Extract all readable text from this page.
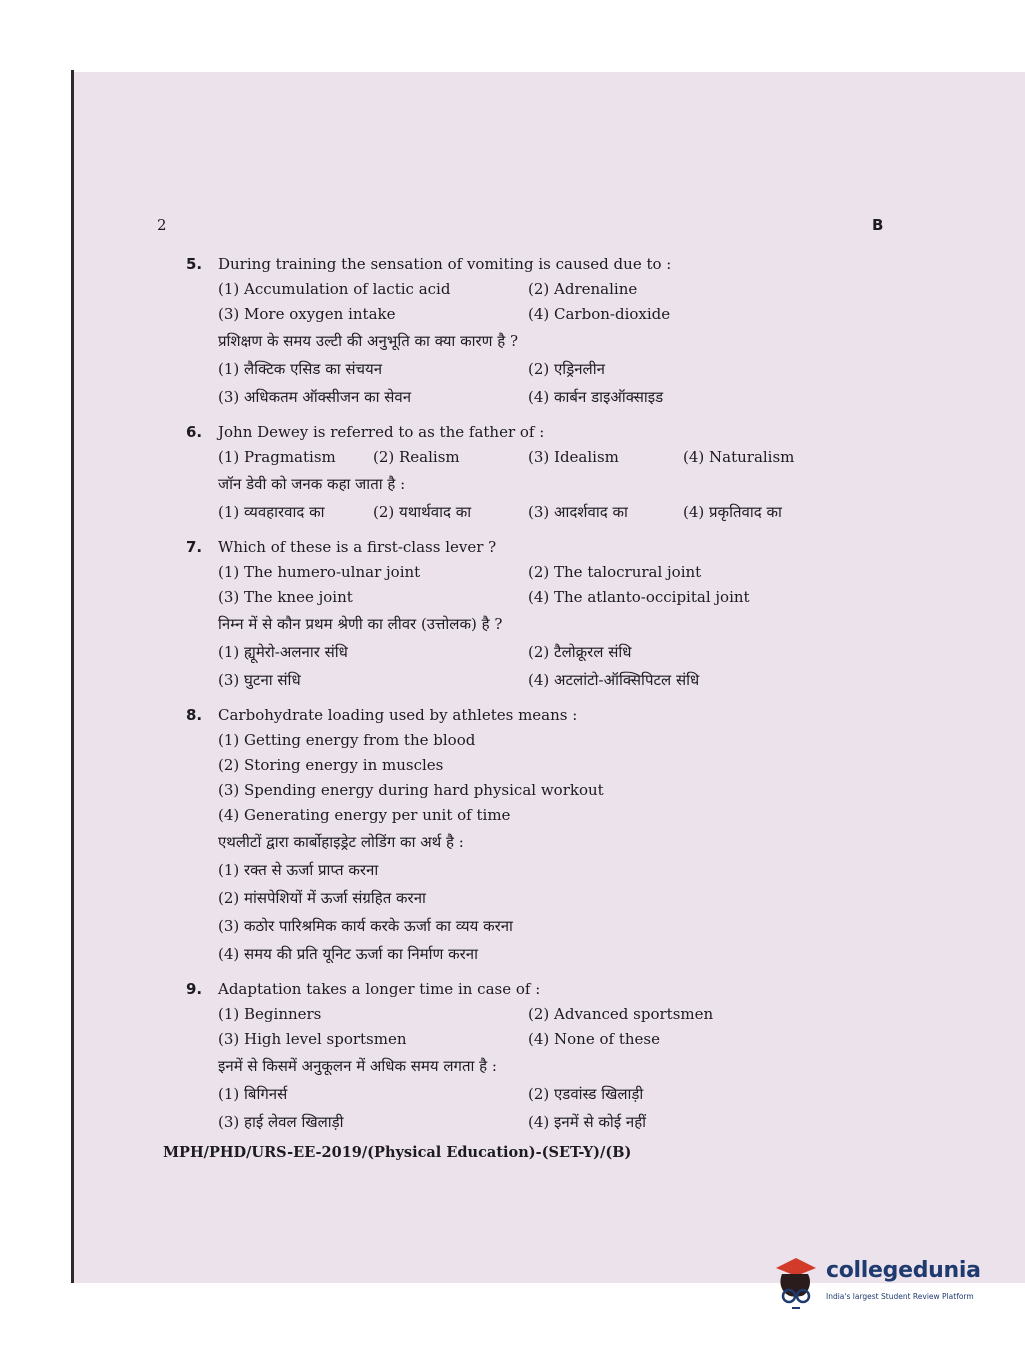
2	B
5.	During training the sensation of vomiting is caused due to :
(1) Accumulation of lactic acid	(2) Adrenaline
(3) More oxygen intake	(4) Carbon-dioxide
प्रशिक्षण के समय उल्टी की अनुभूति का क्या कारण है ?
(1) लैक्टिक एसिड का संचयन	(2) एड्रिनलीन
(3) अधिकतम ऑक्सीजन का सेवन	(4) कार्बन डाइऑक्साइड
6.	John Dewey is referred to as the father of :
(1) Pragmatism	(2) Realism	(3) Idealism	(4) Naturalism
जॉन डेवी को जनक कहा जाता है :
(1) व्यवहारवाद का	(2) यथार्थवाद का	(3) आदर्शवाद का	(4) प्रकृतिवाद का
7.	Which of these is a first-class lever ?
(1) The humero-ulnar joint	(2) The talocrural joint
(3) The knee joint	(4) The atlanto-occipital joint
निम्न में से कौन प्रथम श्रेणी का लीवर (उत्तोलक) है ?
(1) ह्यूमेरो-अलनार संधि	(2) टैलोक्रूरल संधि
(3) घुटना संधि	(4) अटलांटो-ऑक्सिपिटल संधि
8.	Carbohydrate loading used by athletes means :
(1) Getting energy from the blood
(2) Storing energy in muscles
(3) Spending energy during hard physical workout
(4) Generating energy per unit of time
एथलीटों द्वारा कार्बोहाइड्रेट लोडिंग का अर्थ है :
(1) रक्त से ऊर्जा प्राप्त करना
(2) मांसपेशियों में ऊर्जा संग्रहित करना
(3) कठोर पारिश्रमिक कार्य करके ऊर्जा का व्यय करना
(4) समय की प्रति यूनिट ऊर्जा का निर्माण करना
9.	Adaptation takes a longer time in case of :
(1) Beginners	(2) Advanced sportsmen
(3) High level sportsmen	(4) None of these
इनमें से किसमें अनुकूलन में अधिक समय लगता है :
(1) बिगिनर्स	(2) एडवांस्ड खिलाड़ी
(3) हाई लेवल खिलाड़ी	(4) इनमें से कोई नहीं
MPH/PHD/URS-EE-2019/(Physical Education)-(SET-Y)/(B)
collegedunia
India's largest Student Review Platform
